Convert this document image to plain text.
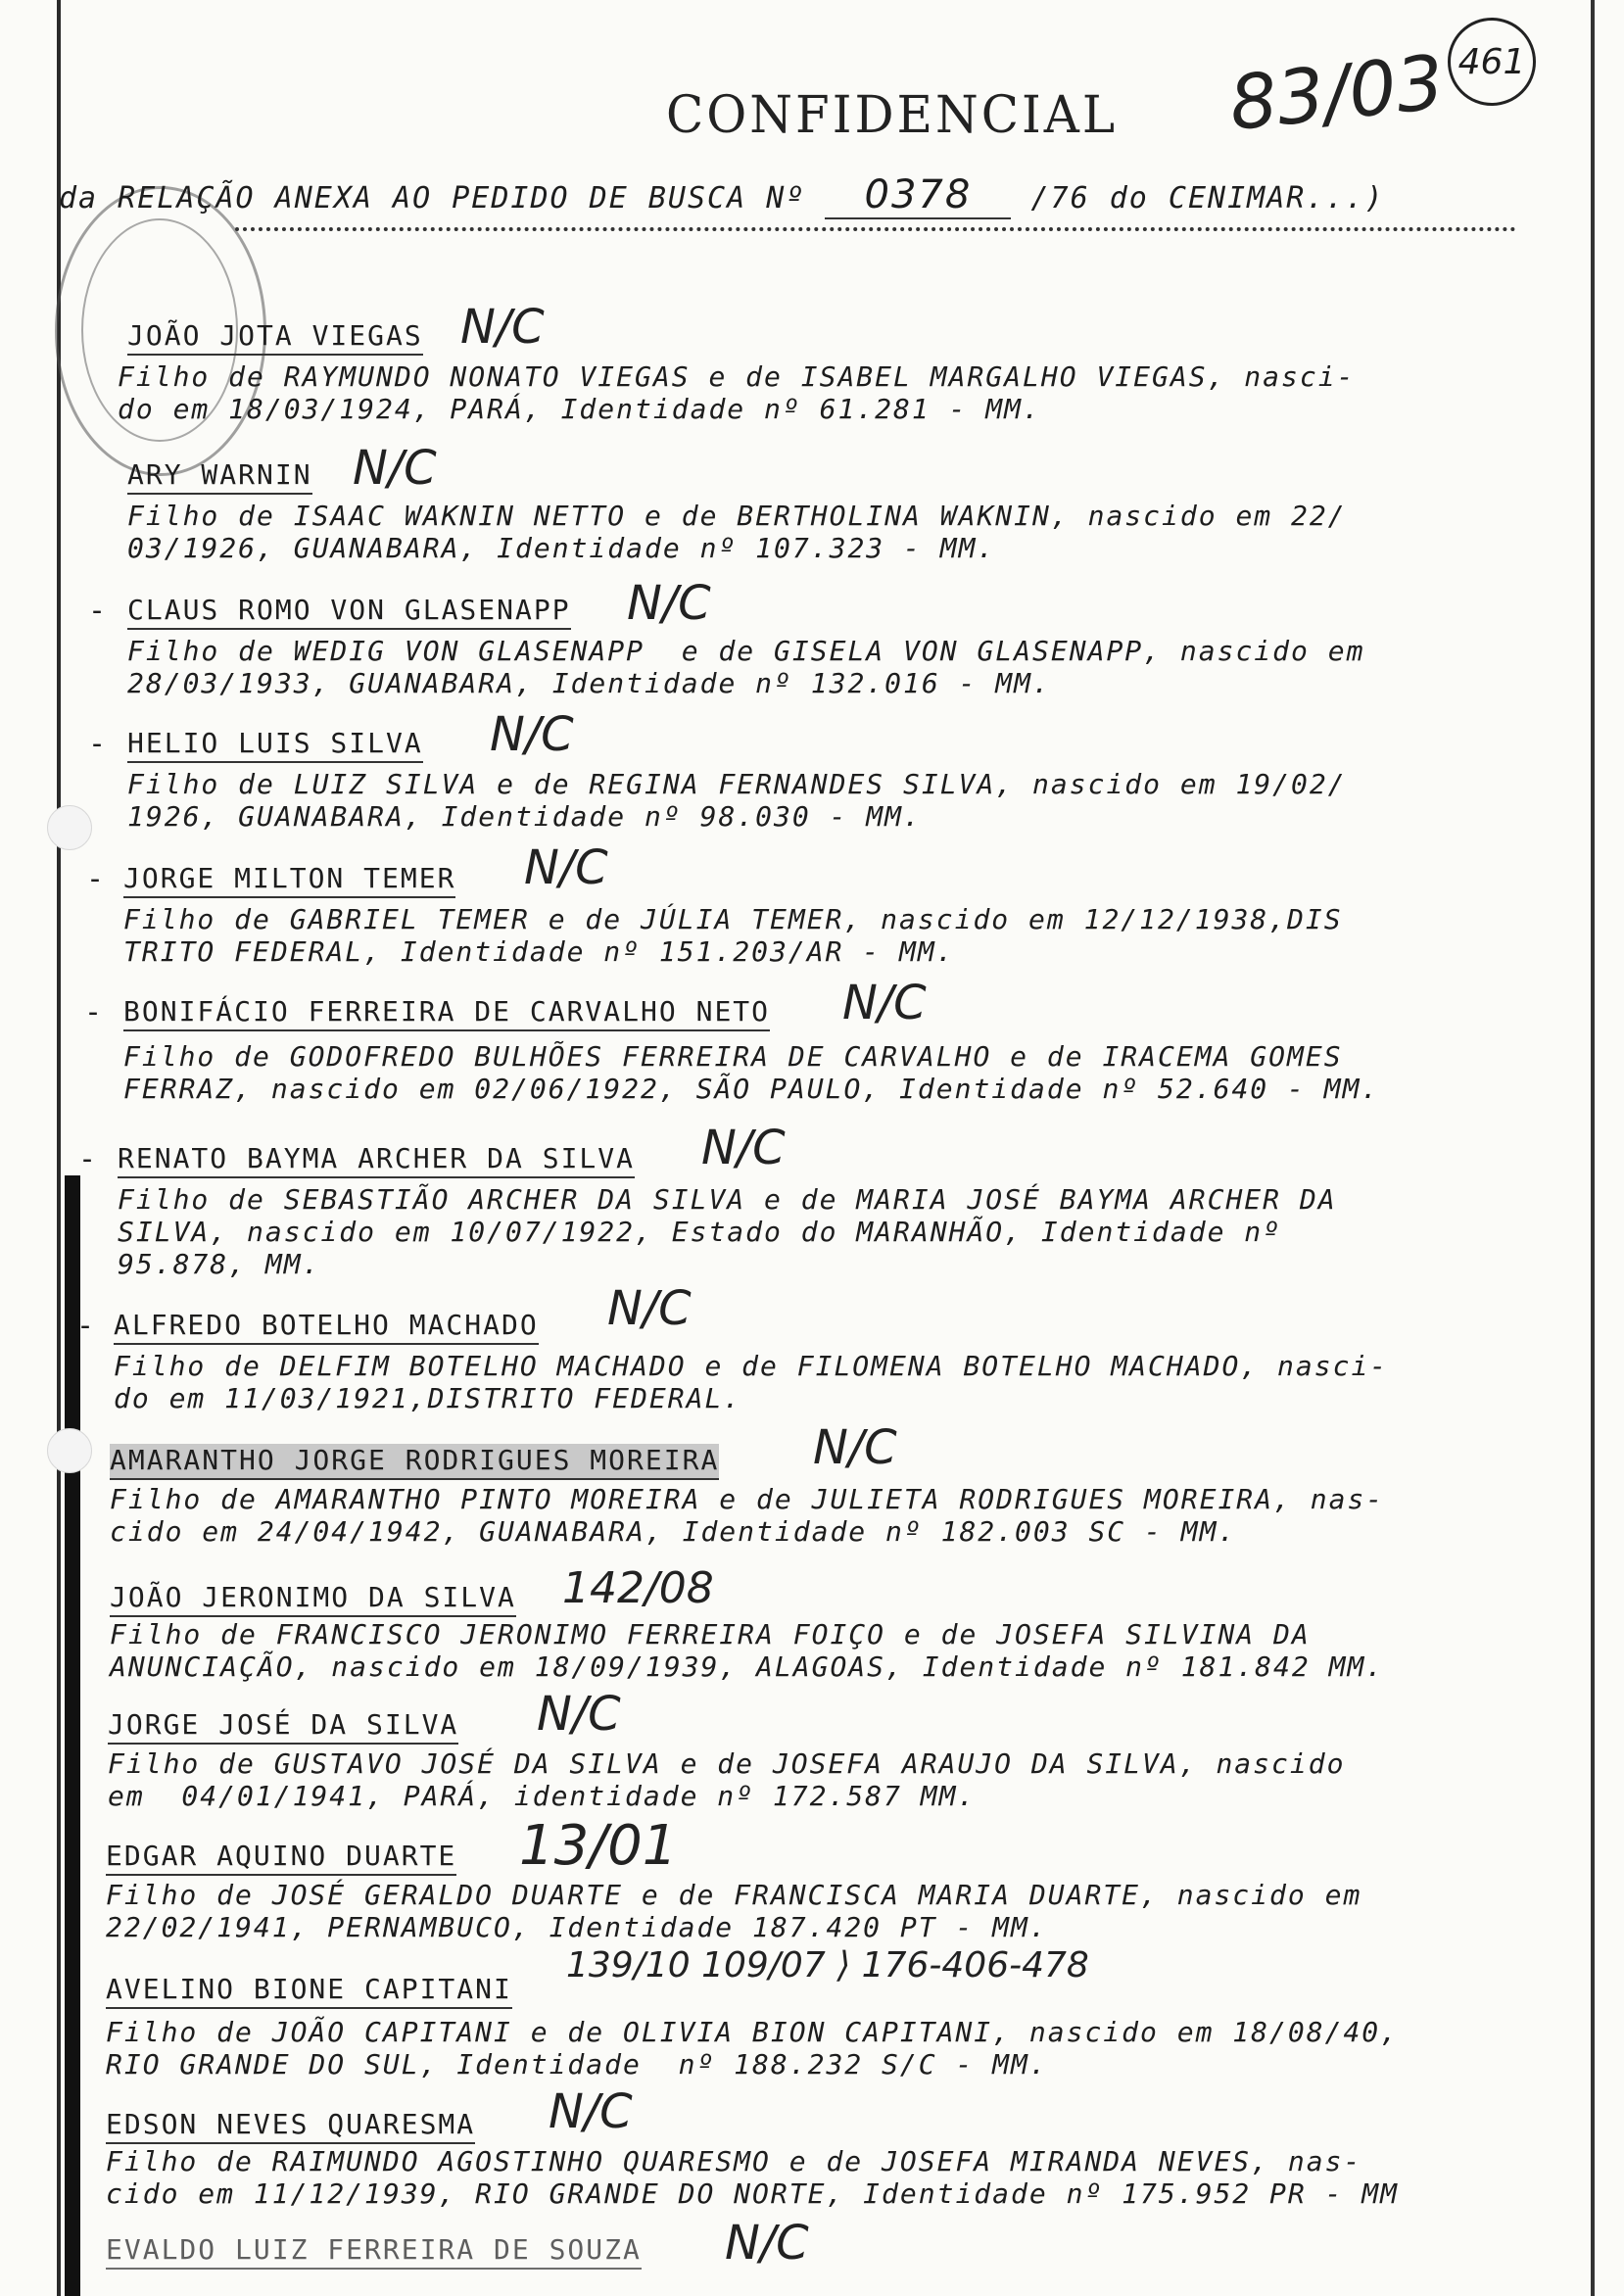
CONFIDENCIAL 83/03 461
da RELAÇÃO ANEXA AO PEDIDO DE BUSCA Nº 0378 /76 do CENIMAR...)
JOÃO JOTA VIEGAS N/C
Filho de RAYMUNDO NONATO VIEGAS e de ISABEL MARGALHO VIEGAS, nasci-
do em 18/03/1924, PARÁ, Identidade nº 61.281 - MM.
ARY WARNIN N/C
Filho de ISAAC WAKNIN NETTO e de BERTHOLINA WAKNIN, nascido em 22/
03/1926, GUANABARA, Identidade nº 107.323 - MM.
- CLAUS ROMO VON GLASENAPP N/C
Filho de WEDIG VON GLASENAPP  e de GISELA VON GLASENAPP, nascido em
28/03/1933, GUANABARA, Identidade nº 132.016 - MM.
- HELIO LUIS SILVA N/C
Filho de LUIZ SILVA e de REGINA FERNANDES SILVA, nascido em 19/02/
1926, GUANABARA, Identidade nº 98.030 - MM.
- JORGE MILTON TEMER N/C
Filho de GABRIEL TEMER e de JÚLIA TEMER, nascido em 12/12/1938,DIS
TRITO FEDERAL, Identidade nº 151.203/AR - MM.
- BONIFÁCIO FERREIRA DE CARVALHO NETO N/C
Filho de GODOFREDO BULHÕES FERREIRA DE CARVALHO e de IRACEMA GOMES
FERRAZ, nascido em 02/06/1922, SÃO PAULO, Identidade nº 52.640 - MM.
- RENATO BAYMA ARCHER DA SILVA N/C
Filho de SEBASTIÃO ARCHER DA SILVA e de MARIA JOSÉ BAYMA ARCHER DA
SILVA, nascido em 10/07/1922, Estado do MARANHÃO, Identidade nº
95.878, MM.
- ALFREDO BOTELHO MACHADO N/C
Filho de DELFIM BOTELHO MACHADO e de FILOMENA BOTELHO MACHADO, nasci-
do em 11/03/1921,DISTRITO FEDERAL.
AMARANTHO JORGE RODRIGUES MOREIRA N/C
Filho de AMARANTHO PINTO MOREIRA e de JULIETA RODRIGUES MOREIRA, nas-
cido em 24/04/1942, GUANABARA, Identidade nº 182.003 SC - MM.
JOÃO JERONIMO DA SILVA 142/08
Filho de FRANCISCO JERONIMO FERREIRA FOIÇO e de JOSEFA SILVINA DA
ANUNCIAÇÃO, nascido em 18/09/1939, ALAGOAS, Identidade nº 181.842 MM.
JORGE JOSÉ DA SILVA N/C
Filho de GUSTAVO JOSÉ DA SILVA e de JOSEFA ARAUJO DA SILVA, nascido
em  04/01/1941, PARÁ, identidade nº 172.587 MM.
EDGAR AQUINO DUARTE 13/01
Filho de JOSÉ GERALDO DUARTE e de FRANCISCA MARIA DUARTE, nascido em
22/02/1941, PERNAMBUCO, Identidade 187.420 PT - MM.
AVELINO BIONE CAPITANI
139/10 109/07 ⟩ 176-406-478
Filho de JOÃO CAPITANI e de OLIVIA BION CAPITANI, nascido em 18/08/40,
RIO GRANDE DO SUL, Identidade  nº 188.232 S/C - MM.
EDSON NEVES QUARESMA N/C
Filho de RAIMUNDO AGOSTINHO QUARESMO e de JOSEFA MIRANDA NEVES, nas-
cido em 11/12/1939, RIO GRANDE DO NORTE, Identidade nº 175.952 PR - MM
EVALDO LUIZ FERREIRA DE SOUZA N/C
